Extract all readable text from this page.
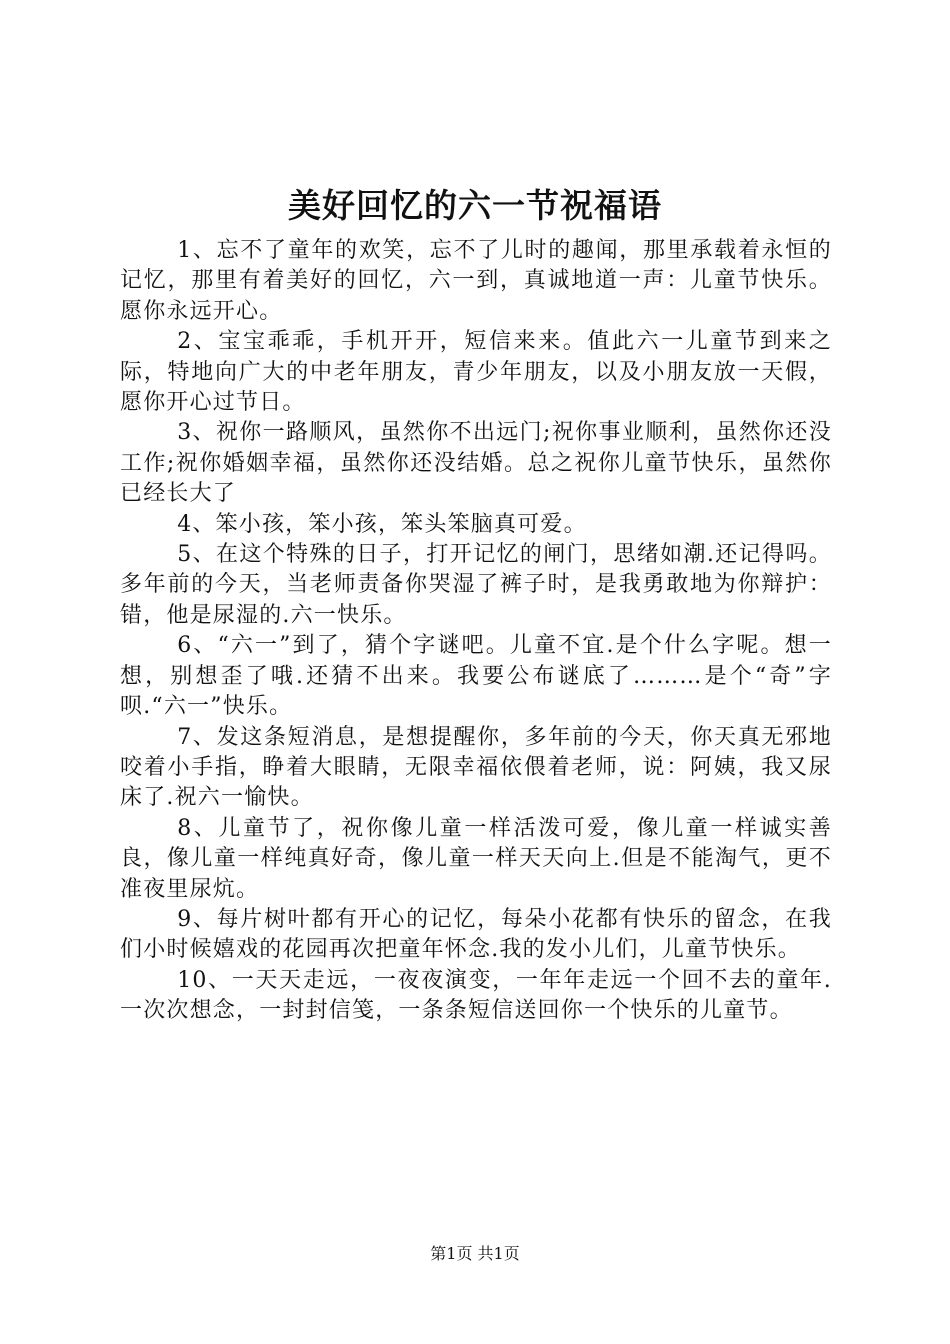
美好回忆的六一节祝福语

1、忘不了童年的欢笑，忘不了儿时的趣闻，那里承载着永恒的记忆，那里有着美好的回忆，六一到，真诚地道一声：儿童节快乐。愿你永远开心。

2、宝宝乖乖，手机开开，短信来来。值此六一儿童节到来之际，特地向广大的中老年朋友，青少年朋友，以及小朋友放一天假，愿你开心过节日。

3、祝你一路顺风，虽然你不出远门;祝你事业顺利，虽然你还没工作;祝你婚姻幸福，虽然你还没结婚。总之祝你儿童节快乐，虽然你已经长大了

4、笨小孩，笨小孩，笨头笨脑真可爱。

5、在这个特殊的日子，打开记忆的闸门，思绪如潮.还记得吗。多年前的今天，当老师责备你哭湿了裤子时，是我勇敢地为你辩护：错，他是尿湿的.六一快乐。

6、“六一”到了，猜个字谜吧。儿童不宜.是个什么字呢。想一想，别想歪了哦.还猜不出来。我要公布谜底了………是个“奇”字呗.“六一”快乐。

7、发这条短消息，是想提醒你，多年前的今天，你天真无邪地咬着小手指，睁着大眼睛，无限幸福依偎着老师，说：阿姨，我又尿床了.祝六一愉快。

8、儿童节了，祝你像儿童一样活泼可爱，像儿童一样诚实善良，像儿童一样纯真好奇，像儿童一样天天向上.但是不能淘气，更不准夜里尿炕。

9、每片树叶都有开心的记忆，每朵小花都有快乐的留念，在我们小时候嬉戏的花园再次把童年怀念.我的发小儿们，儿童节快乐。

10、一天天走远，一夜夜演变，一年年走远一个回不去的童年.一次次想念，一封封信笺，一条条短信送回你一个快乐的儿童节。

第1页 共1页
